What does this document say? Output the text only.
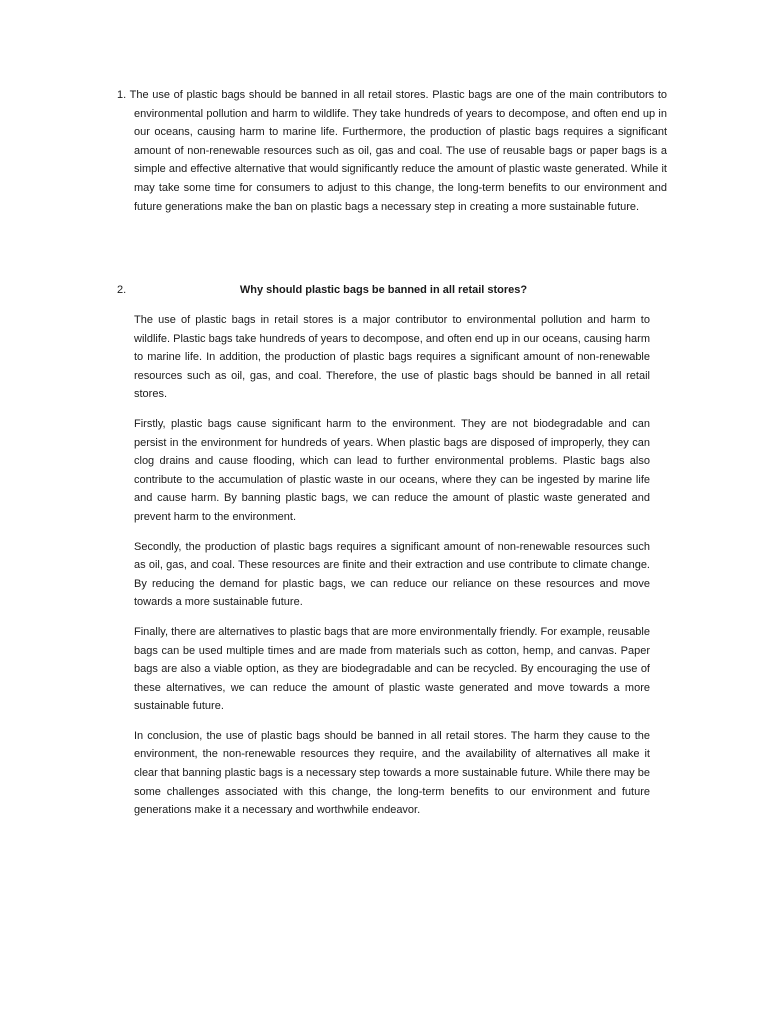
1. The use of plastic bags should be banned in all retail stores. Plastic bags are one of the main contributors to environmental pollution and harm to wildlife. They take hundreds of years to decompose, and often end up in our oceans, causing harm to marine life. Furthermore, the production of plastic bags requires a significant amount of non-renewable resources such as oil, gas and coal. The use of reusable bags or paper bags is a simple and effective alternative that would significantly reduce the amount of plastic waste generated. While it may take some time for consumers to adjust to this change, the long-term benefits to our environment and future generations make the ban on plastic bags a necessary step in creating a more sustainable future.

2.	Why should plastic bags be banned in all retail stores?

The use of plastic bags in retail stores is a major contributor to environmental pollution and harm to wildlife. Plastic bags take hundreds of years to decompose, and often end up in our oceans, causing harm to marine life. In addition, the production of plastic bags requires a significant amount of non-renewable resources such as oil, gas, and coal. Therefore, the use of plastic bags should be banned in all retail stores.

Firstly, plastic bags cause significant harm to the environment. They are not biodegradable and can persist in the environment for hundreds of years. When plastic bags are disposed of improperly, they can clog drains and cause flooding, which can lead to further environmental problems. Plastic bags also contribute to the accumulation of plastic waste in our oceans, where they can be ingested by marine life and cause harm. By banning plastic bags, we can reduce the amount of plastic waste generated and prevent harm to the environment.

Secondly, the production of plastic bags requires a significant amount of non-renewable resources such as oil, gas, and coal. These resources are finite and their extraction and use contribute to climate change. By reducing the demand for plastic bags, we can reduce our reliance on these resources and move towards a more sustainable future.

Finally, there are alternatives to plastic bags that are more environmentally friendly. For example, reusable bags can be used multiple times and are made from materials such as cotton, hemp, and canvas. Paper bags are also a viable option, as they are biodegradable and can be recycled. By encouraging the use of these alternatives, we can reduce the amount of plastic waste generated and move towards a more sustainable future.

In conclusion, the use of plastic bags should be banned in all retail stores. The harm they cause to the environment, the non-renewable resources they require, and the availability of alternatives all make it clear that banning plastic bags is a necessary step towards a more sustainable future. While there may be some challenges associated with this change, the long-term benefits to our environment and future generations make it a necessary and worthwhile endeavor.
